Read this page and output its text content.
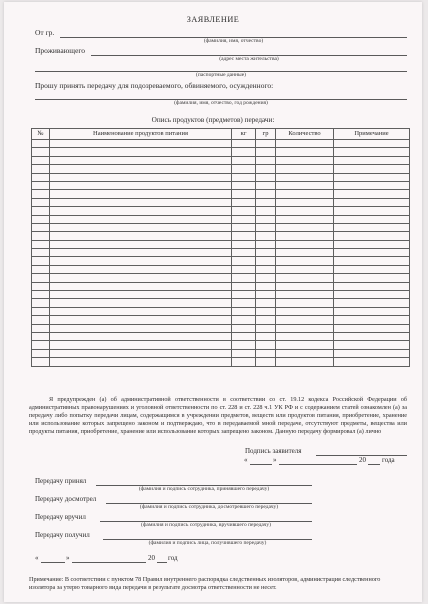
ЗАЯВЛЕНИЕ
От гр.
(фамилия, имя, отчество)
Проживающего
(адрес места жительства)
(паспортные данные)
Прошу принять передачу для подозреваемого, обвиняемого, осужденного:
(фамилия, имя, отчество, год рождения)
Опись продуктов (предметов) передачи:
№	Наименование продуктов питания	кг	гр	Количество	Примечание

Я предупрежден (а) об административной ответственности в соответствии со ст. 19.12 кодекса Российской Федерации об административных правонарушениях и уголовной ответственности по ст. 228 и ст. 228 ч.1 УК РФ и с содержанием статей ознакомлен (а) за передачу либо попытку передачи лицам, содержащимся в учреждении предметов, веществ или продуктов питания, приобретение, хранение или использование которых запрещено законом и подтверждаю, что в передаваемой мной передаче, отсутствуют предметы, вещества или продукты питания, приобретение, хранение или использование которых запрещено законом. Данную передачу формировал (а) лично
Подпись заявителя
«	»	20 года
Передачу принял
(фамилия и подпись сотрудника, принявшего передачу)
Передачу досмотрел
(фамилия и подпись сотрудника, досмотревшего передачу)
Передачу вручил
(фамилия и подпись сотрудника, вручившего передачу)
Передачу получил
(фамилия и подпись лица, получившего передачу)
«	»	20 год
Примечание: В соответствии с пунктом 78 Правил внутреннего распорядка следственных изоляторов, администрация следственного изолятора за утерю товарного вида передачи в результате досмотра ответственности не несет.
